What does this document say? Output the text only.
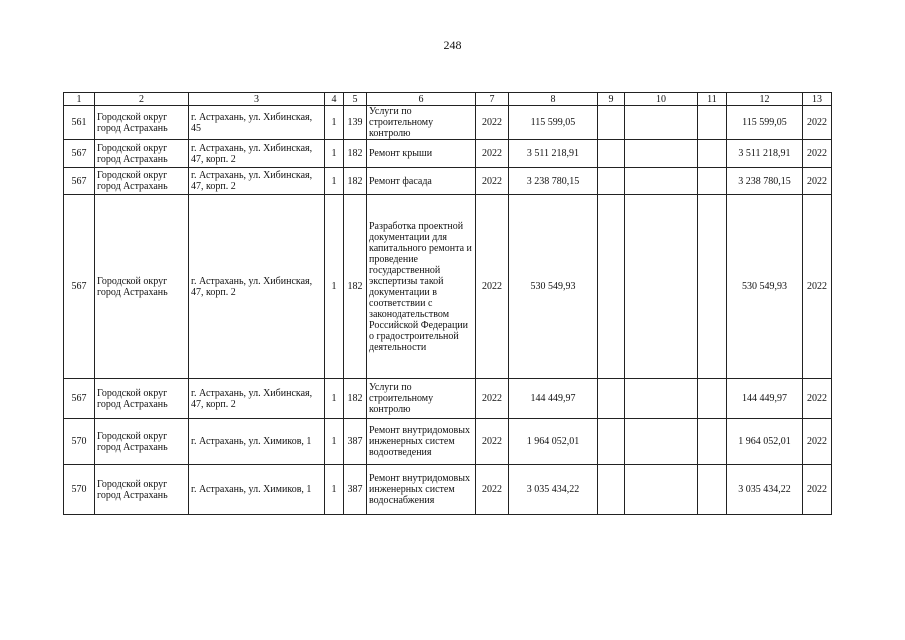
248
1	2	3	4	5	6	7	8	9	10	11	12	13
561	Городской округ город Астрахань	г. Астрахань, ул. Хибинская, 45	1	139	Услуги по строительному контролю	2022	115 599,05				115 599,05	2022
567	Городской округ город Астрахань	г. Астрахань, ул. Хибинская, 47, корп. 2	1	182	Ремонт крыши	2022	3 511 218,91				3 511 218,91	2022
567	Городской округ город Астрахань	г. Астрахань, ул. Хибинская, 47, корп. 2	1	182	Ремонт фасада	2022	3 238 780,15				3 238 780,15	2022
567	Городской округ город Астрахань	г. Астрахань, ул. Хибинская, 47, корп. 2	1	182	Разработка проектной документации для капитального ремонта и проведение государственной экспертизы такой документации в соответствии с законодательством Российской Федерации о градостроительной деятельности	2022	530 549,93				530 549,93	2022
567	Городской округ город Астрахань	г. Астрахань, ул. Хибинская, 47, корп. 2	1	182	Услуги по строительному контролю	2022	144 449,97				144 449,97	2022
570	Городской округ город Астрахань	г. Астрахань, ул. Химиков, 1	1	387	Ремонт внутридомовых инженерных систем водоотведения	2022	1 964 052,01				1 964 052,01	2022
570	Городской округ город Астрахань	г. Астрахань, ул. Химиков, 1	1	387	Ремонт внутридомовых инженерных систем водоснабжения	2022	3 035 434,22				3 035 434,22	2022
